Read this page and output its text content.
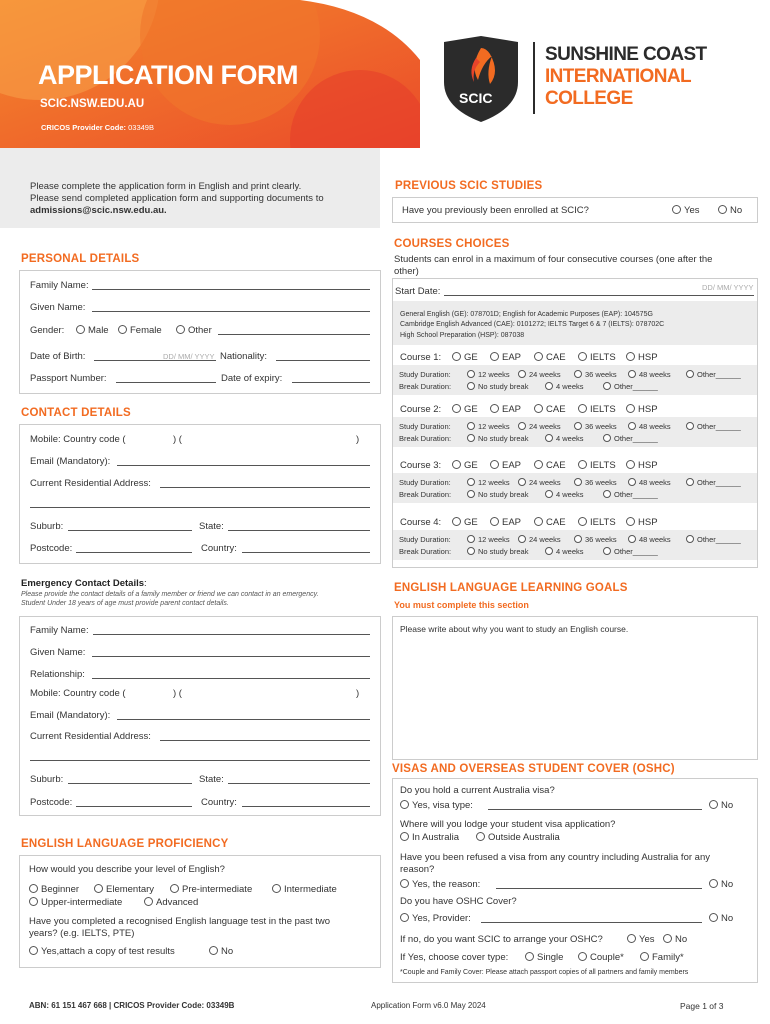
APPLICATION FORM
SCIC.NSW.EDU.AU
CRICOS Provider Code: 03349B
SCIC
SUNSHINE COAST
INTERNATIONAL
COLLEGE
Please complete the application form in English and print clearly.
Please send completed application form and supporting documents to
admissions@scic.nsw.edu.au.
PREVIOUS SCIC STUDIES
Have you previously been enrolled at SCIC?	Yes	No
PERSONAL DETAILS
Family Name:
Given Name:
Gender:	Male	Female	Other
Date of Birth:	DD/ MM/ YYYY Nationality:
Passport Number:	Date of expiry:
CONTACT DETAILS
Mobile: Country code (	) (	)
Email (Mandatory):
Current Residential Address:
Suburb:	State:
Postcode:	Country:
Emergency Contact Details:
Please provide the contact details of a family member or friend we can contact in an emergency.
Student Under 18 years of age must provide parent contact details.
Family Name:
Given Name:
Relationship:
Mobile: Country code (	) (	)
Email (Mandatory):
Current Residential Address:
Suburb:	State:
Postcode:	Country:
ENGLISH LANGUAGE PROFICIENCY
How would you describe your level of English?
Beginner	Elementary	Pre-intermediate	Intermediate
Upper-intermediate	Advanced
Have you completed a recognised English language test in the past two
years? (e.g. IELTS, PTE)
Yes,attach a copy of test results	No
COURSES CHOICES
Students can enrol in a maximum of four consecutive courses (one after the
other)
Start Date:	DD/ MM/ YYYY
General English (GE): 078701D; English for Academic Purposes (EAP): 104575G
Cambridge English Advanced (CAE): 0101272; IELTS Target 6 & 7 (IELTS): 078702C
High School Preparation (HSP): 087038
Course 1:	GE	EAP	CAE	IELTS	HSP
Study Duration:	12 weeks	24 weeks	36 weeks	48 weeks	Other______
Break Duration:	No study break	4 weeks	Other______
Course 2:	GE	EAP	CAE	IELTS	HSP
Study Duration:	12 weeks	24 weeks	36 weeks	48 weeks	Other______
Break Duration:	No study break	4 weeks	Other______
Course 3:	GE	EAP	CAE	IELTS	HSP
Study Duration:	12 weeks	24 weeks	36 weeks	48 weeks	Other______
Break Duration:	No study break	4 weeks	Other______
Course 4:	GE	EAP	CAE	IELTS	HSP
Study Duration:	12 weeks	24 weeks	36 weeks	48 weeks	Other______
Break Duration:	No study break	4 weeks	Other______
ENGLISH LANGUAGE LEARNING GOALS
You must complete this section
Please write about why you want to study an English course.
VISAS AND OVERSEAS STUDENT COVER (OSHC)
Do you hold a current Australia visa?
Yes, visa type:	No
Where will you lodge your student visa application?
In Australia	Outside Australia
Have you been refused a visa from any country including Australia for any
reason?
Yes, the reason:	No
Do you have OSHC Cover?
Yes, Provider:	No
If no, do you want SCIC to arrange your OSHC?	Yes	No
If Yes, choose cover type:	Single	Couple*	Family*
*Couple and Family Cover: Please attach passport copies of all partners and family members
ABN: 61 151 467 668 | CRICOS Provider Code: 03349B	Application Form v6.0 May 2024	Page 1 of 3
